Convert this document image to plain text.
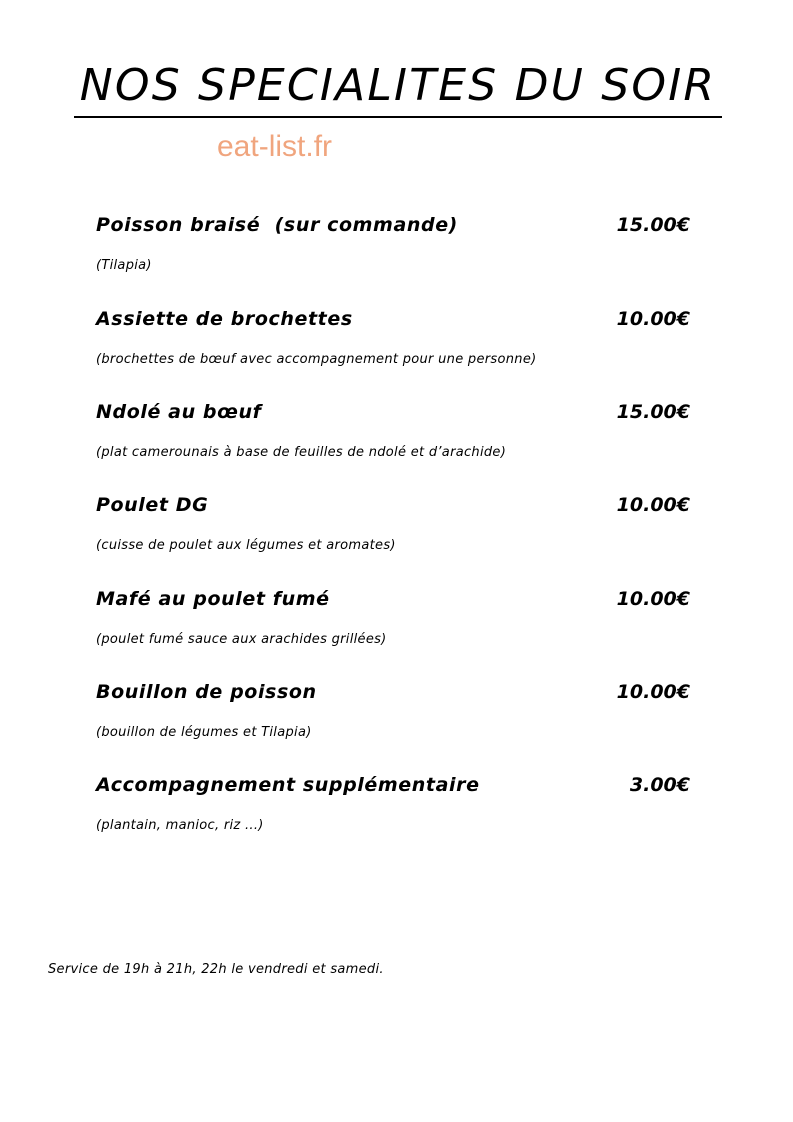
NOS SPECIALITES DU SOIR
eat-list.fr
Poisson braisé  (sur commande)	15.00€
(Tilapia)
Assiette de brochettes	10.00€
(brochettes de bœuf avec accompagnement pour une personne)
Ndolé au bœuf	15.00€
(plat camerounais à base de feuilles de ndolé et d’arachide)
Poulet DG	10.00€
(cuisse de poulet aux légumes et aromates)
Mafé au poulet fumé	10.00€
(poulet fumé sauce aux arachides grillées)
Bouillon de poisson	10.00€
(bouillon de légumes et Tilapia)
Accompagnement supplémentaire	3.00€
(plantain, manioc, riz ...)
Service de 19h à 21h, 22h le vendredi et samedi.
